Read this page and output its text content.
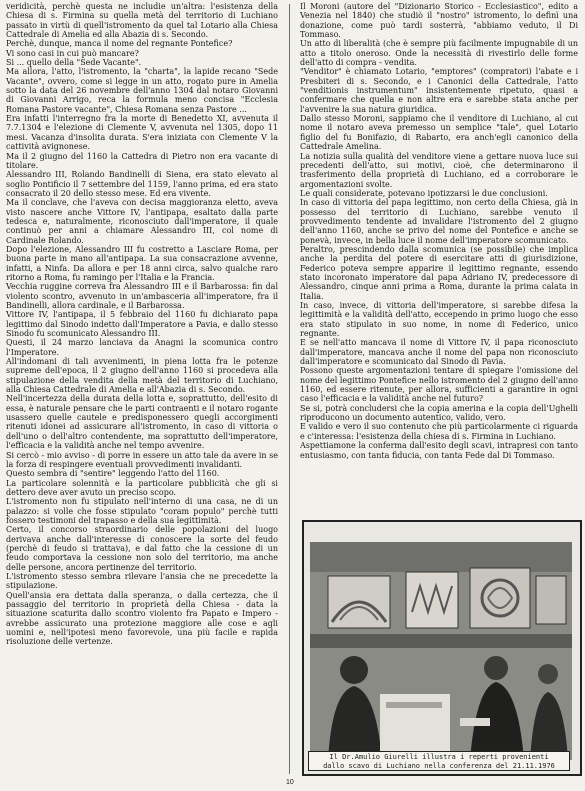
veridicità, perchè questa ne includie un'altra: l'esistenza della Chiesa di s. Firmina su quella metà del territorio di Luchiano passato in virtù di quell'istromento da quel tal Lotario alla Chiesa Cattedrale di Amelia ed alla Abazia di s. Secondo.

Perchè, dunque, manca il nome del regnante Pontefice?

Vi sono casi in cui può mancare?

Si ... quello della "Sede Vacante".

Ma allora, l'atto, l'istromento, la "charta", la lapide recano "Sede Vacante", ovvero, come si legge in un atto, rogato pure in Amelia sotto la data del 26 novembre dell'anno 1304 dal notaro Giovanni di Giovanni Arrigo, reca la formula meno concisa "Ecclesia Romana Pastore vacante", Chiesa Romana senza Pastore ...

Era infatti l'interregno fra la morte di Benedetto XI, avvenuta il 7.7.1304 e l'elezione di Clemente V, avvenuta nel 1305, dopo 11 mesi. Vacanza d'insolita durata. S'era iniziata con Clemente V la cattività avignonese.

Ma il 2 giugno del 1160 la Cattedra di Pietro non era vacante di titolare.

Alessandro III, Rolando Bandinelli di Siena, era stato elevato al soglio Pontificio il 7 settembre del 1159, l'anno prima, ed era stato consacrato il 20 dello stesso mese. Ed era vivente.

Ma il conclave, che l'aveva con decisa maggioranza eletto, aveva visto nascere anche Vittore IV, l'antipapa, esaltato dalla parte tedesca e, naturalmente, riconosciuto dall'imperatore, il quale continuò per anni a chiamare Alessandro III, col nome di Cardinale Rolando.

Dopo l'elezione, Alessandro III fu costretto a Lasciare Roma, per buona parte in mano all'antipapa. La sua consacrazione avvenne, infatti, a Ninfa. Da allora e per 18 anni circa, salvo qualche raro ritorno a Roma, fu ramingo per l'Italia e la Francia.

Vecchia ruggine correva fra Alessandro III e il Barbarossa: fin dal violento scontro, avvenuto in un'ambasceria all'imperatore, fra il Bandinelli, allora cardinale, e il Barbarossa.

Vittore IV, l'antipapa, il 5 febbraio del 1160 fu dichiarato papa legittimo dal Sinodo indetto dall'Imperatore a Pavia, e dallo stesso Sinodo fu scomunicato Alessandro III.

Questi, il 24 marzo lanciava da Anagni la scomunica contro l'Imperatore.

All'indomani di tali avvenimenti, in piena lotta fra le potenze supreme dell'epoca, il 2 giugno dell'anno 1160 si procedeva alla stipulazione della vendita della metà del territorio di Luchiano, alla Chiesa Cattedrale di Amelia e all'Abazia di s. Secondo.

Nell'incertezza della durata della lotta e, soprattutto, dell'esito di essa, è naturale pensare che le parti contraenti e il notaro rogante usassero quelle cautele e predisponessero quegli accorgimenti ritenuti idonei ad assicurare all'istromento, in caso di vittoria o dell'uno o dell'altro contendente, ma soprattutto dell'imperatore, l'efficacia e la validità anche nel tempo avvenire.

Si cercò - mio avviso - di porre in essere un atto tale da avere in se la forza di respingere eventuali provvedimenti invalidanti.

Questo sembra di "sentire" leggendo l'atto del 1160.

La particolare solennità e la particolare pubblicità che gli si dettero deve aver avuto un preciso scopo.

L'istromento non fu stipulato nell'interno di una casa, ne di un palazzo: si volle che fosse stipulato "coram populo" perchè tutti fossero testimoni del trapasso e della sua legittimità.

Certo, il concorso straordinario delle popolazioni del luogo derivava anche dall'interesse di conoscere la sorte del feudo (perchè di feudo si trattava), e dal fatto che la cessione di un feudo comportava la cessione non solo del territorio, ma anche delle persone, ancora pertinenze del territorio.

L'istromento stesso sembra rilevare l'ansia che ne precedette la stipulazione.

Quell'ansia era dettata dalla speranza, o dalla certezza, che il passaggio del territorio in proprietà della Chiesa - data la situazione scaturita dallo scontro violento fra Papato e Impero - avrebbe assicurato una protezione maggiore alle cose e agli uomini e, nell'ipotesi meno favorevole, una più facile e rapida risoluzione delle vertenze.

Il Moroni (autore del "Dizionario Storico - Ecclesiastico", edito a Venezia nel 1840) che studiò il "nostro" istromento, lo definì una donazione, come può tardi sosterrà, "abbiamo veduto, il Di Tommaso.

Un atto di liberalità (che è sempre più facilmente impugnabile di un atto a titolo oneroso. Onde la necessità di rivestirlo delle forme dell'atto di compra - vendita.

"Venditor" è chiamato Lotario, "emptores" (compratori) l'abate e i Presbiteri di s. Secondo, e i Canonici della Cattedrale, l'atto "venditionis instrumentum" insistentemente ripetuto, quasi a confermare che quella e non altre era e sarebbe stata anche per l'avvenire la sua natura giuridica.

Dallo stesso Moroni, sappiamo che il venditore di Luchiano, al cui nome il notaro aveva premesso un semplice "tale", quel Lotario figlio del fu Bonifazio, di Rabarto, era anch'egli canonico della Cattedrale Amelina.

La notizia sulla qualità del venditore viene a gettare nuova luce sui precedenti dell'atto, sui motivi, cioè, che determinarono il trasferimento della proprietà di Luchiano, ed a corroborare le argomentazioni svolte.

Le quali considerate, potevano ipotizzarsi le due conclusioni.

In caso di vittoria del papa legittimo, non certo della Chiesa, già in possesso del territorio di Luchiano, sarebbe venuto il provvedimento tendente ad invalidare l'istromento del 2 giugno dell'anno 1160, anche se privo del nome del Pontefice e anche se ponevà, invece, in bella luce il nome dell'imperatore scomunicato.

Peraltro, prescindendo dalla scomunica (se possibile) che implica anche la perdita del potere di esercitare atti di giurisdizione, Federico poteva sempre apparire il legittimo regnante, essendo stato incoronato imperatore dal papa Adriano IV, predecessore di Alessandro, cinque anni prima a Roma, durante la prima calata in Italia.

In caso, invece, di vittoria dell'imperatore, si sarebbe difesa la legittimità e la validità dell'atto, eccependo in primo luogo che esso era stato stipulato in suo nome, in nome di Federico, unico regnante.

E se nell'atto mancava il nome di Vittore IV, il papa riconosciuto dall'imperatore, mancava anche il nome del papa non riconosciuto dall'imperatore e scomunicato dal Sinodo di Pavia.

Possono queste argomentazioni tentare di spiegare l'omissione del nome del legittimo Pontefice nello istromento del 2 giugno dell'anno 1160, ed essere ritenute, per allora, sufficienti a garantire in ogni caso l'efficacia e la validità anche nel futuro?

Se si, potrà concludersi che la copia amerina e la copia dell'Ughelli riproducono un documento autentico, valido, vero.

E valido e vero il suo contenuto che più particolarmente ci riguarda e c'interessa: l'esistenza della chiesa di s. Firmina in Luchiano.

Aspettiamone la conferma dall'esito degli scavi, intrapresi con tanto entusiasmo, con tanta fiducia, con tanta Fede dal Di Tommaso.

Il Dr.Amulio Giurelli illustra i reperti provenienti
dallo scavo di Luchiano nella conferenza del 21.11.1976
10
